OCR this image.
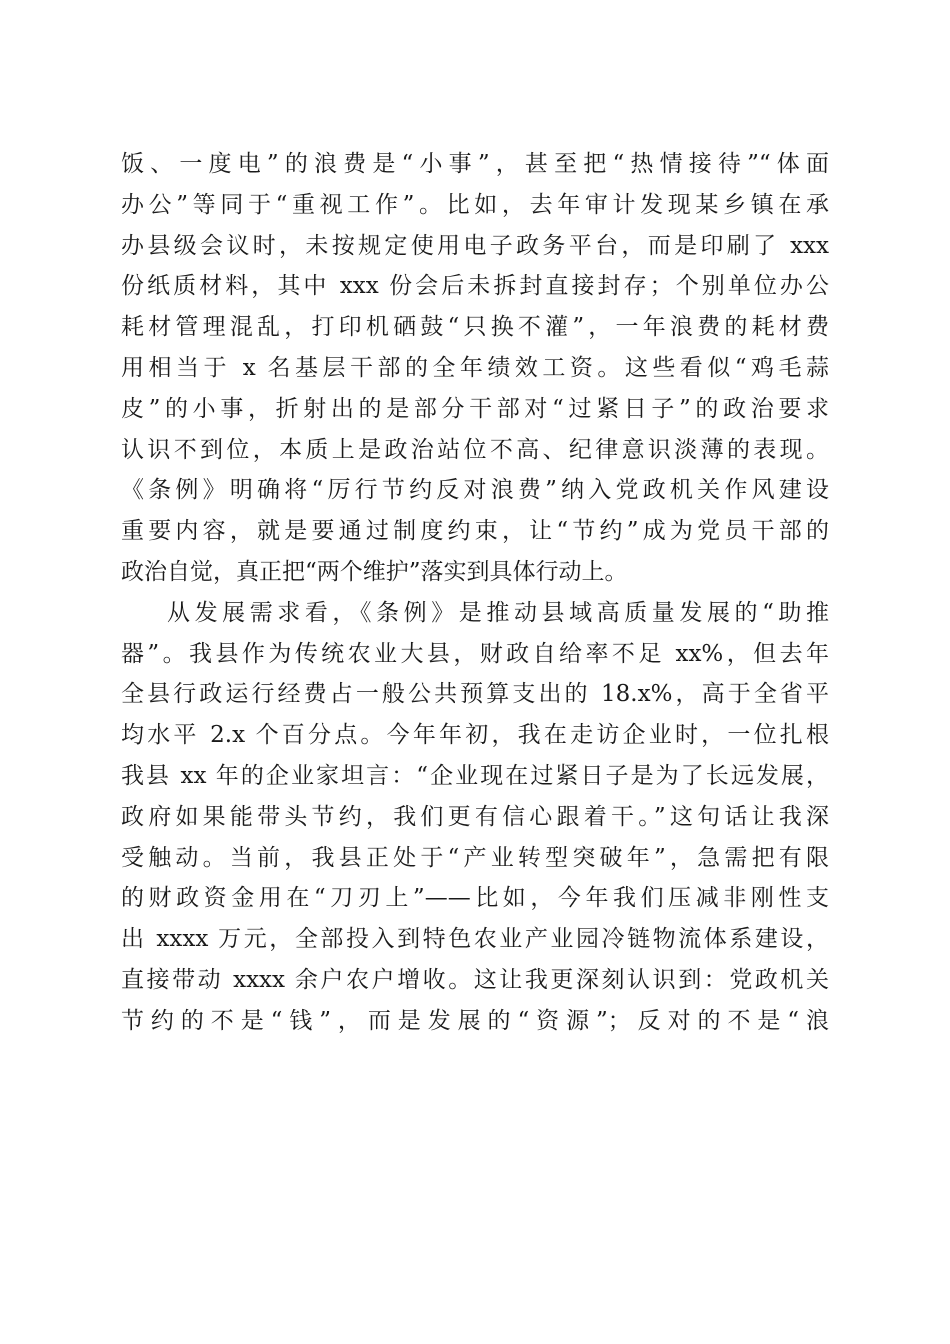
饭、一度电”的浪费是“小事”，甚至把“热情接待”“体面
办公”等同于“重视工作”。比如，去年审计发现某乡镇在承
办县级会议时，未按规定使用电子政务平台，而是印刷了 xxx
份纸质材料，其中 xxx 份会后未拆封直接封存；个别单位办公
耗材管理混乱，打印机硒鼓“只换不灌”，一年浪费的耗材费
用相当于 x 名基层干部的全年绩效工资。这些看似“鸡毛蒜
皮”的小事，折射出的是部分干部对“过紧日子”的政治要求
认识不到位，本质上是政治站位不高、纪律意识淡薄的表现。
《条例》明确将“厉行节约反对浪费”纳入党政机关作风建设
重要内容，就是要通过制度约束，让“节约”成为党员干部的
政治自觉，真正把“两个维护”落实到具体行动上。
从发展需求看，《条例》是推动县域高质量发展的“助推
器”。我县作为传统农业大县，财政自给率不足 xx%，但去年
全县行政运行经费占一般公共预算支出的 18.x%，高于全省平
均水平 2.x 个百分点。今年年初，我在走访企业时，一位扎根
我县 xx 年的企业家坦言：“企业现在过紧日子是为了长远发展，
政府如果能带头节约，我们更有信心跟着干。”这句话让我深
受触动。当前，我县正处于“产业转型突破年”，急需把有限
的财政资金用在“刀刃上”——比如，今年我们压减非刚性支
出 xxxx 万元，全部投入到特色农业产业园冷链物流体系建设，
直接带动 xxxx 余户农户增收。这让我更深刻认识到：党政机关
节约的不是“钱”，而是发展的“资源”；反对的不是“浪
